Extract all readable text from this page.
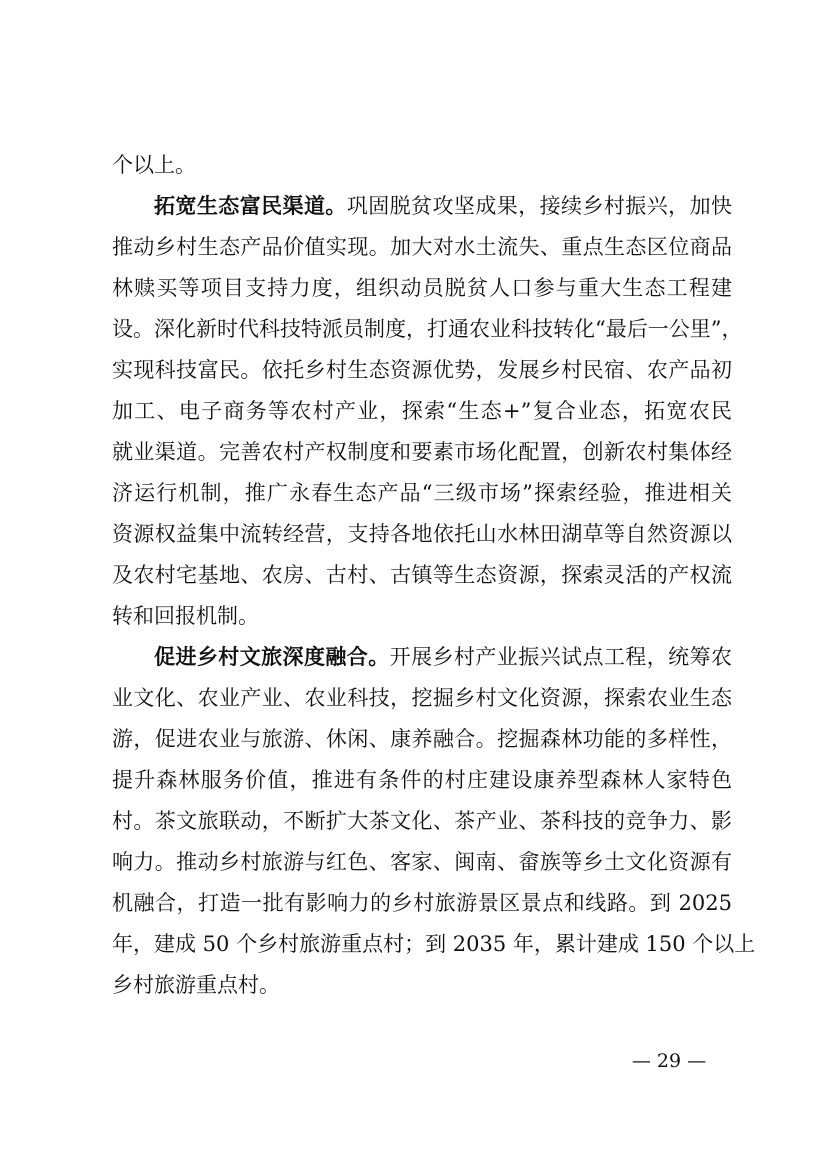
个以上。
拓宽生态富民渠道。巩固脱贫攻坚成果，接续乡村振兴，加快
推动乡村生态产品价值实现。加大对水土流失、重点生态区位商品
林赎买等项目支持力度，组织动员脱贫人口参与重大生态工程建
设。深化新时代科技特派员制度，打通农业科技转化“最后一公里”，
实现科技富民。依托乡村生态资源优势，发展乡村民宿、农产品初
加工、电子商务等农村产业，探索“生态+”复合业态，拓宽农民
就业渠道。完善农村产权制度和要素市场化配置，创新农村集体经
济运行机制，推广永春生态产品“三级市场”探索经验，推进相关
资源权益集中流转经营，支持各地依托山水林田湖草等自然资源以
及农村宅基地、农房、古村、古镇等生态资源，探索灵活的产权流
转和回报机制。
促进乡村文旅深度融合。开展乡村产业振兴试点工程，统筹农
业文化、农业产业、农业科技，挖掘乡村文化资源，探索农业生态
游，促进农业与旅游、休闲、康养融合。挖掘森林功能的多样性，
提升森林服务价值，推进有条件的村庄建设康养型森林人家特色
村。茶文旅联动，不断扩大茶文化、茶产业、茶科技的竞争力、影
响力。推动乡村旅游与红色、客家、闽南、畲族等乡土文化资源有
机融合，打造一批有影响力的乡村旅游景区景点和线路。到 2025
年，建成 50 个乡村旅游重点村；到 2035 年，累计建成 150 个以上
乡村旅游重点村。
— 29 —
